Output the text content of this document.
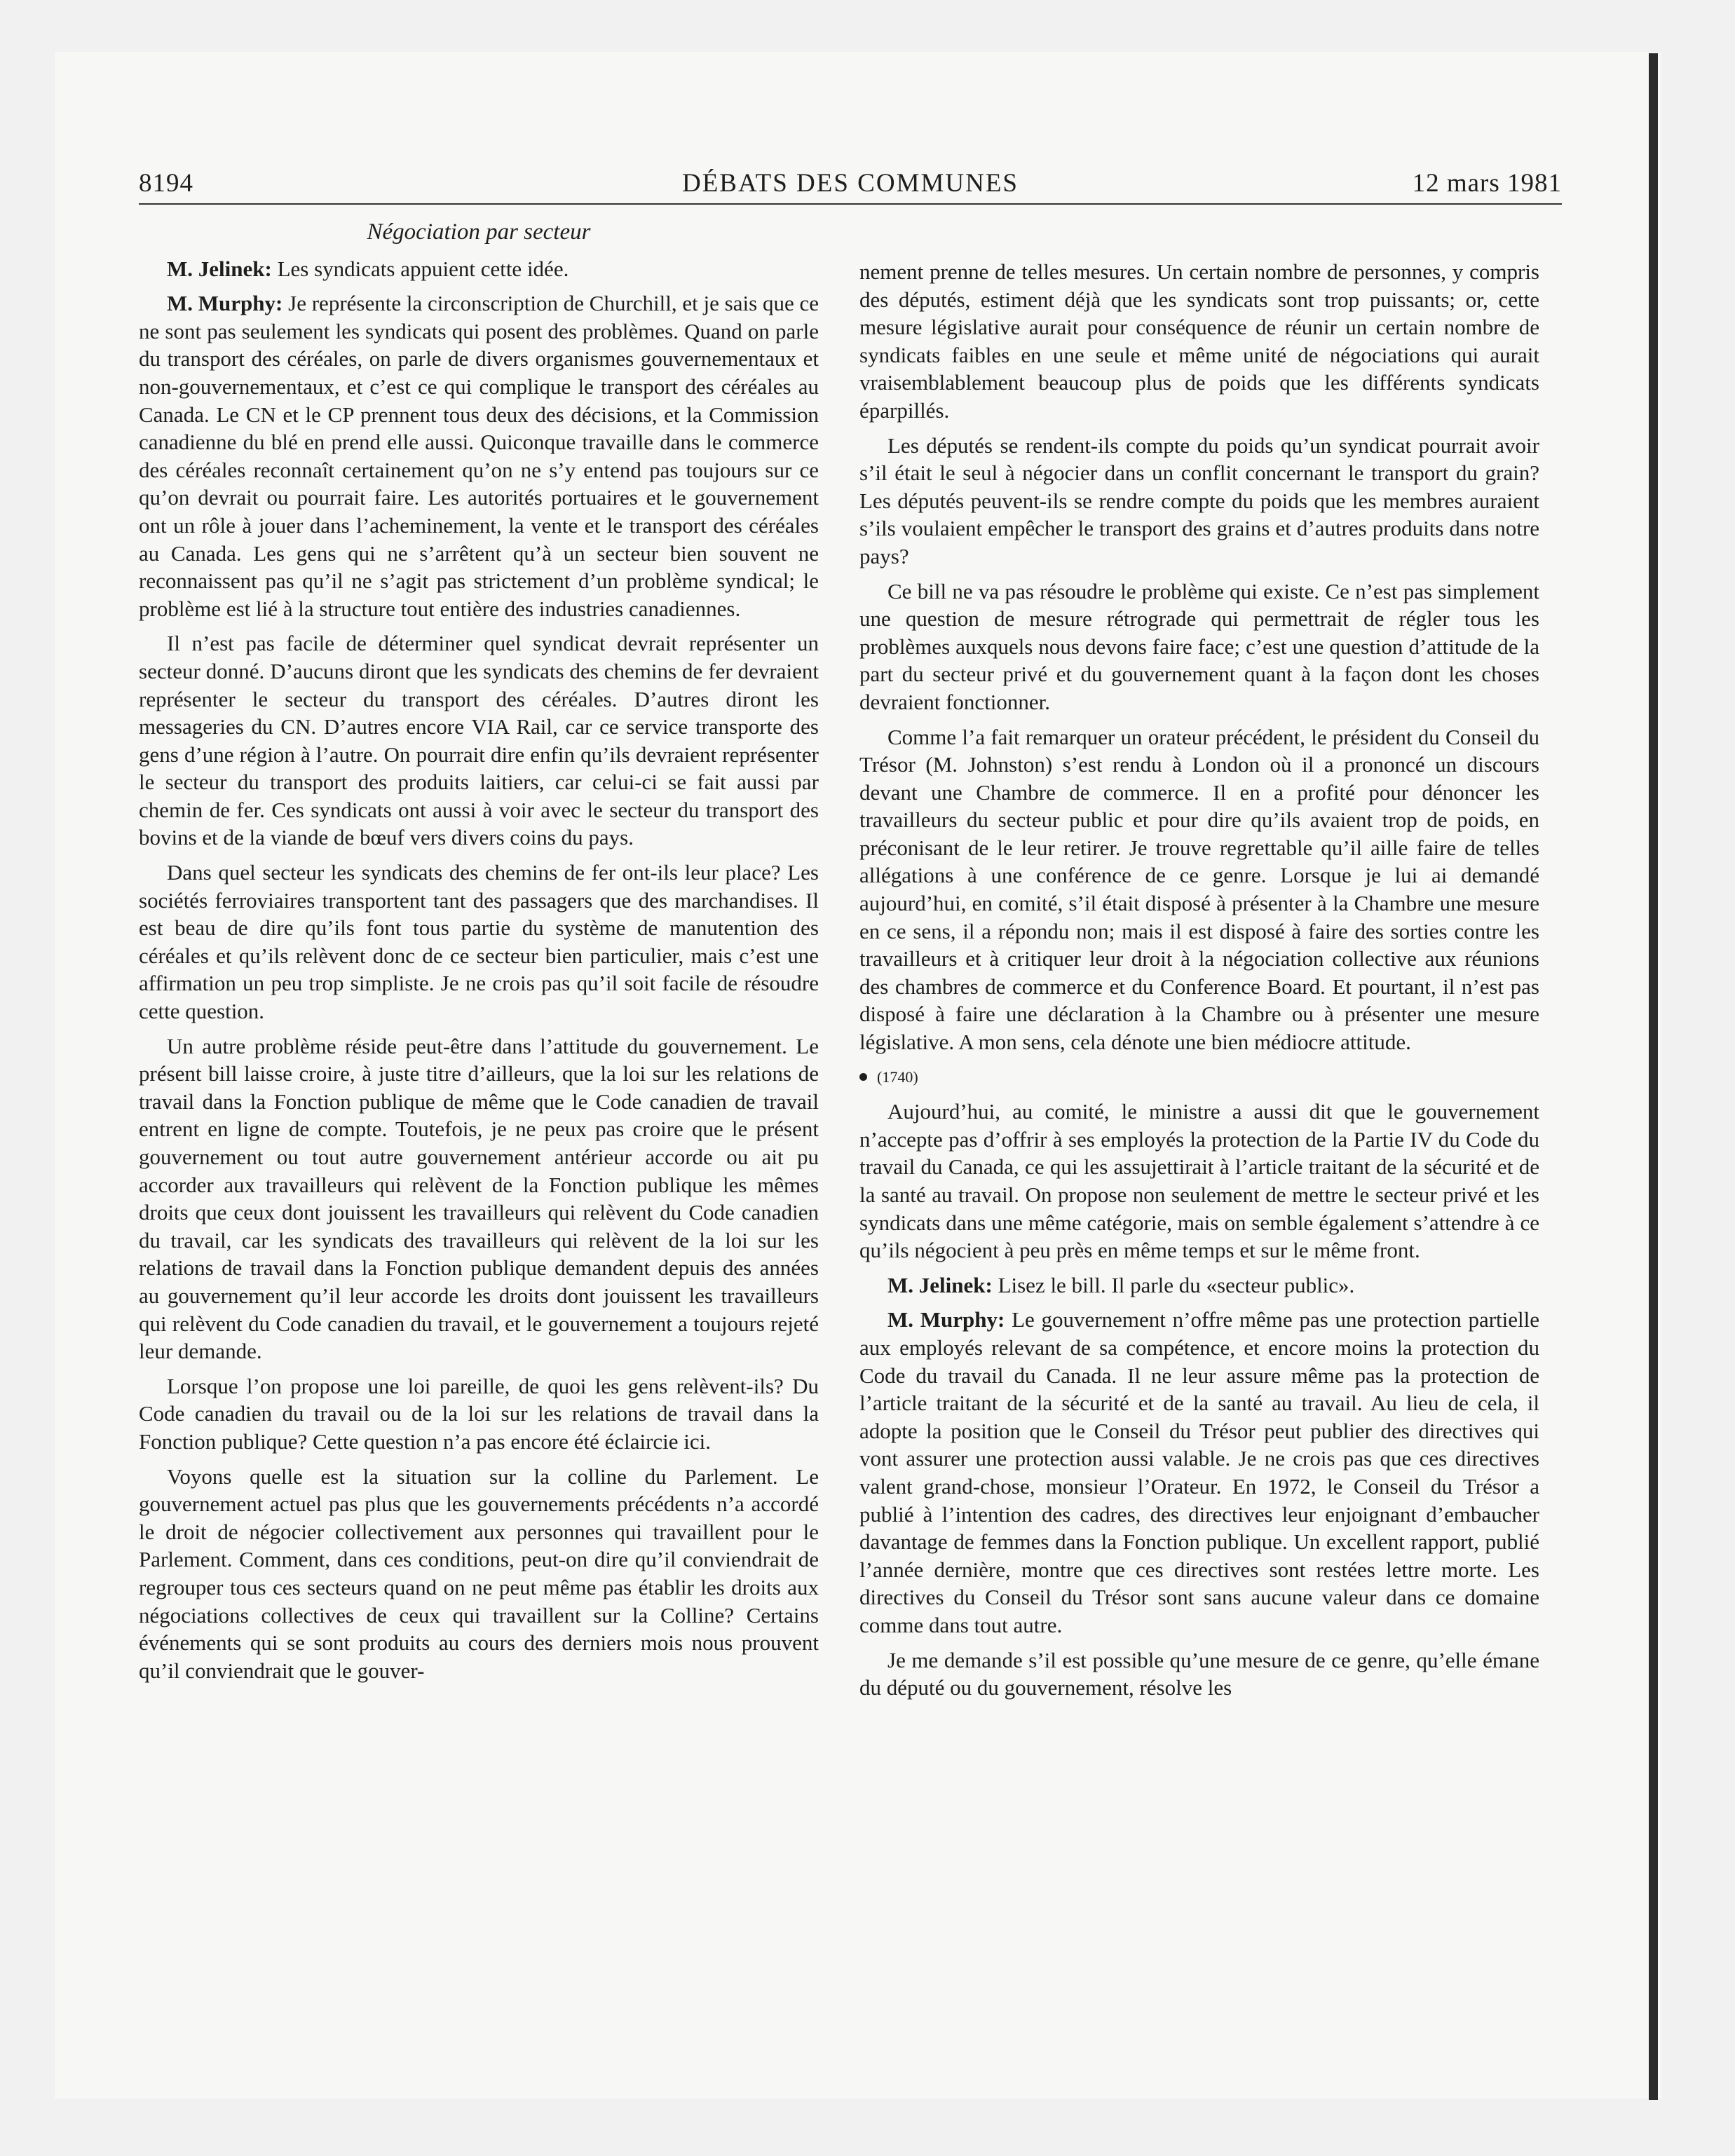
8194	DÉBATS DES COMMUNES	12 mars 1981
Négociation par secteur

M. Jelinek: Les syndicats appuient cette idée.

M. Murphy: Je représente la circonscription de Churchill, et je sais que ce ne sont pas seulement les syndicats qui posent des problèmes. Quand on parle du transport des céréales, on parle de divers organismes gouvernementaux et non-gouvernementaux, et c’est ce qui complique le transport des céréales au Canada. Le CN et le CP prennent tous deux des décisions, et la Commission canadienne du blé en prend elle aussi. Quiconque travaille dans le commerce des céréales reconnaît certainement qu’on ne s’y entend pas toujours sur ce qu’on devrait ou pourrait faire. Les autorités portuaires et le gouvernement ont un rôle à jouer dans l’acheminement, la vente et le transport des céréales au Canada. Les gens qui ne s’arrêtent qu’à un secteur bien souvent ne reconnaissent pas qu’il ne s’agit pas strictement d’un problème syndical; le problème est lié à la structure tout entière des industries canadiennes.

Il n’est pas facile de déterminer quel syndicat devrait représenter un secteur donné. D’aucuns diront que les syndicats des chemins de fer devraient représenter le secteur du transport des céréales. D’autres diront les messageries du CN. D’autres encore VIA Rail, car ce service transporte des gens d’une région à l’autre. On pourrait dire enfin qu’ils devraient représenter le secteur du transport des produits laitiers, car celui-ci se fait aussi par chemin de fer. Ces syndicats ont aussi à voir avec le secteur du transport des bovins et de la viande de bœuf vers divers coins du pays.

Dans quel secteur les syndicats des chemins de fer ont-ils leur place? Les sociétés ferroviaires transportent tant des passagers que des marchandises. Il est beau de dire qu’ils font tous partie du système de manutention des céréales et qu’ils relèvent donc de ce secteur bien particulier, mais c’est une affirmation un peu trop simpliste. Je ne crois pas qu’il soit facile de résoudre cette question.

Un autre problème réside peut-être dans l’attitude du gouvernement. Le présent bill laisse croire, à juste titre d’ailleurs, que la loi sur les relations de travail dans la Fonction publique de même que le Code canadien de travail entrent en ligne de compte. Toutefois, je ne peux pas croire que le présent gouvernement ou tout autre gouvernement antérieur accorde ou ait pu accorder aux travailleurs qui relèvent de la Fonction publique les mêmes droits que ceux dont jouissent les travailleurs qui relèvent du Code canadien du travail, car les syndicats des travailleurs qui relèvent de la loi sur les relations de travail dans la Fonction publique demandent depuis des années au gouvernement qu’il leur accorde les droits dont jouissent les travailleurs qui relèvent du Code canadien du travail, et le gouvernement a toujours rejeté leur demande.

Lorsque l’on propose une loi pareille, de quoi les gens relèvent-ils? Du Code canadien du travail ou de la loi sur les relations de travail dans la Fonction publique? Cette question n’a pas encore été éclaircie ici.

Voyons quelle est la situation sur la colline du Parlement. Le gouvernement actuel pas plus que les gouvernements précédents n’a accordé le droit de négocier collectivement aux personnes qui travaillent pour le Parlement. Comment, dans ces conditions, peut-on dire qu’il conviendrait de regrouper tous ces secteurs quand on ne peut même pas établir les droits aux négociations collectives de ceux qui travaillent sur la Colline? Certains événements qui se sont produits au cours des derniers mois nous prouvent qu’il conviendrait que le gouver-

nement prenne de telles mesures. Un certain nombre de personnes, y compris des députés, estiment déjà que les syndicats sont trop puissants; or, cette mesure législative aurait pour conséquence de réunir un certain nombre de syndicats faibles en une seule et même unité de négociations qui aurait vraisemblablement beaucoup plus de poids que les différents syndicats éparpillés.

Les députés se rendent-ils compte du poids qu’un syndicat pourrait avoir s’il était le seul à négocier dans un conflit concernant le transport du grain? Les députés peuvent-ils se rendre compte du poids que les membres auraient s’ils voulaient empêcher le transport des grains et d’autres produits dans notre pays?

Ce bill ne va pas résoudre le problème qui existe. Ce n’est pas simplement une question de mesure rétrograde qui permettrait de régler tous les problèmes auxquels nous devons faire face; c’est une question d’attitude de la part du secteur privé et du gouvernement quant à la façon dont les choses devraient fonctionner.

Comme l’a fait remarquer un orateur précédent, le président du Conseil du Trésor (M. Johnston) s’est rendu à London où il a prononcé un discours devant une Chambre de commerce. Il en a profité pour dénoncer les travailleurs du secteur public et pour dire qu’ils avaient trop de poids, en préconisant de le leur retirer. Je trouve regrettable qu’il aille faire de telles allégations à une conférence de ce genre. Lorsque je lui ai demandé aujourd’hui, en comité, s’il était disposé à présenter à la Chambre une mesure en ce sens, il a répondu non; mais il est disposé à faire des sorties contre les travailleurs et à critiquer leur droit à la négociation collective aux réunions des chambres de commerce et du Conference Board. Et pourtant, il n’est pas disposé à faire une déclaration à la Chambre ou à présenter une mesure législative. A mon sens, cela dénote une bien médiocre attitude.

(1740)

Aujourd’hui, au comité, le ministre a aussi dit que le gouvernement n’accepte pas d’offrir à ses employés la protection de la Partie IV du Code du travail du Canada, ce qui les assujettirait à l’article traitant de la sécurité et de la santé au travail. On propose non seulement de mettre le secteur privé et les syndicats dans une même catégorie, mais on semble également s’attendre à ce qu’ils négocient à peu près en même temps et sur le même front.

M. Jelinek: Lisez le bill. Il parle du «secteur public».

M. Murphy: Le gouvernement n’offre même pas une protection partielle aux employés relevant de sa compétence, et encore moins la protection du Code du travail du Canada. Il ne leur assure même pas la protection de l’article traitant de la sécurité et de la santé au travail. Au lieu de cela, il adopte la position que le Conseil du Trésor peut publier des directives qui vont assurer une protection aussi valable. Je ne crois pas que ces directives valent grand-chose, monsieur l’Orateur. En 1972, le Conseil du Trésor a publié à l’intention des cadres, des directives leur enjoignant d’embaucher davantage de femmes dans la Fonction publique. Un excellent rapport, publié l’année dernière, montre que ces directives sont restées lettre morte. Les directives du Conseil du Trésor sont sans aucune valeur dans ce domaine comme dans tout autre.

Je me demande s’il est possible qu’une mesure de ce genre, qu’elle émane du député ou du gouvernement, résolve les
